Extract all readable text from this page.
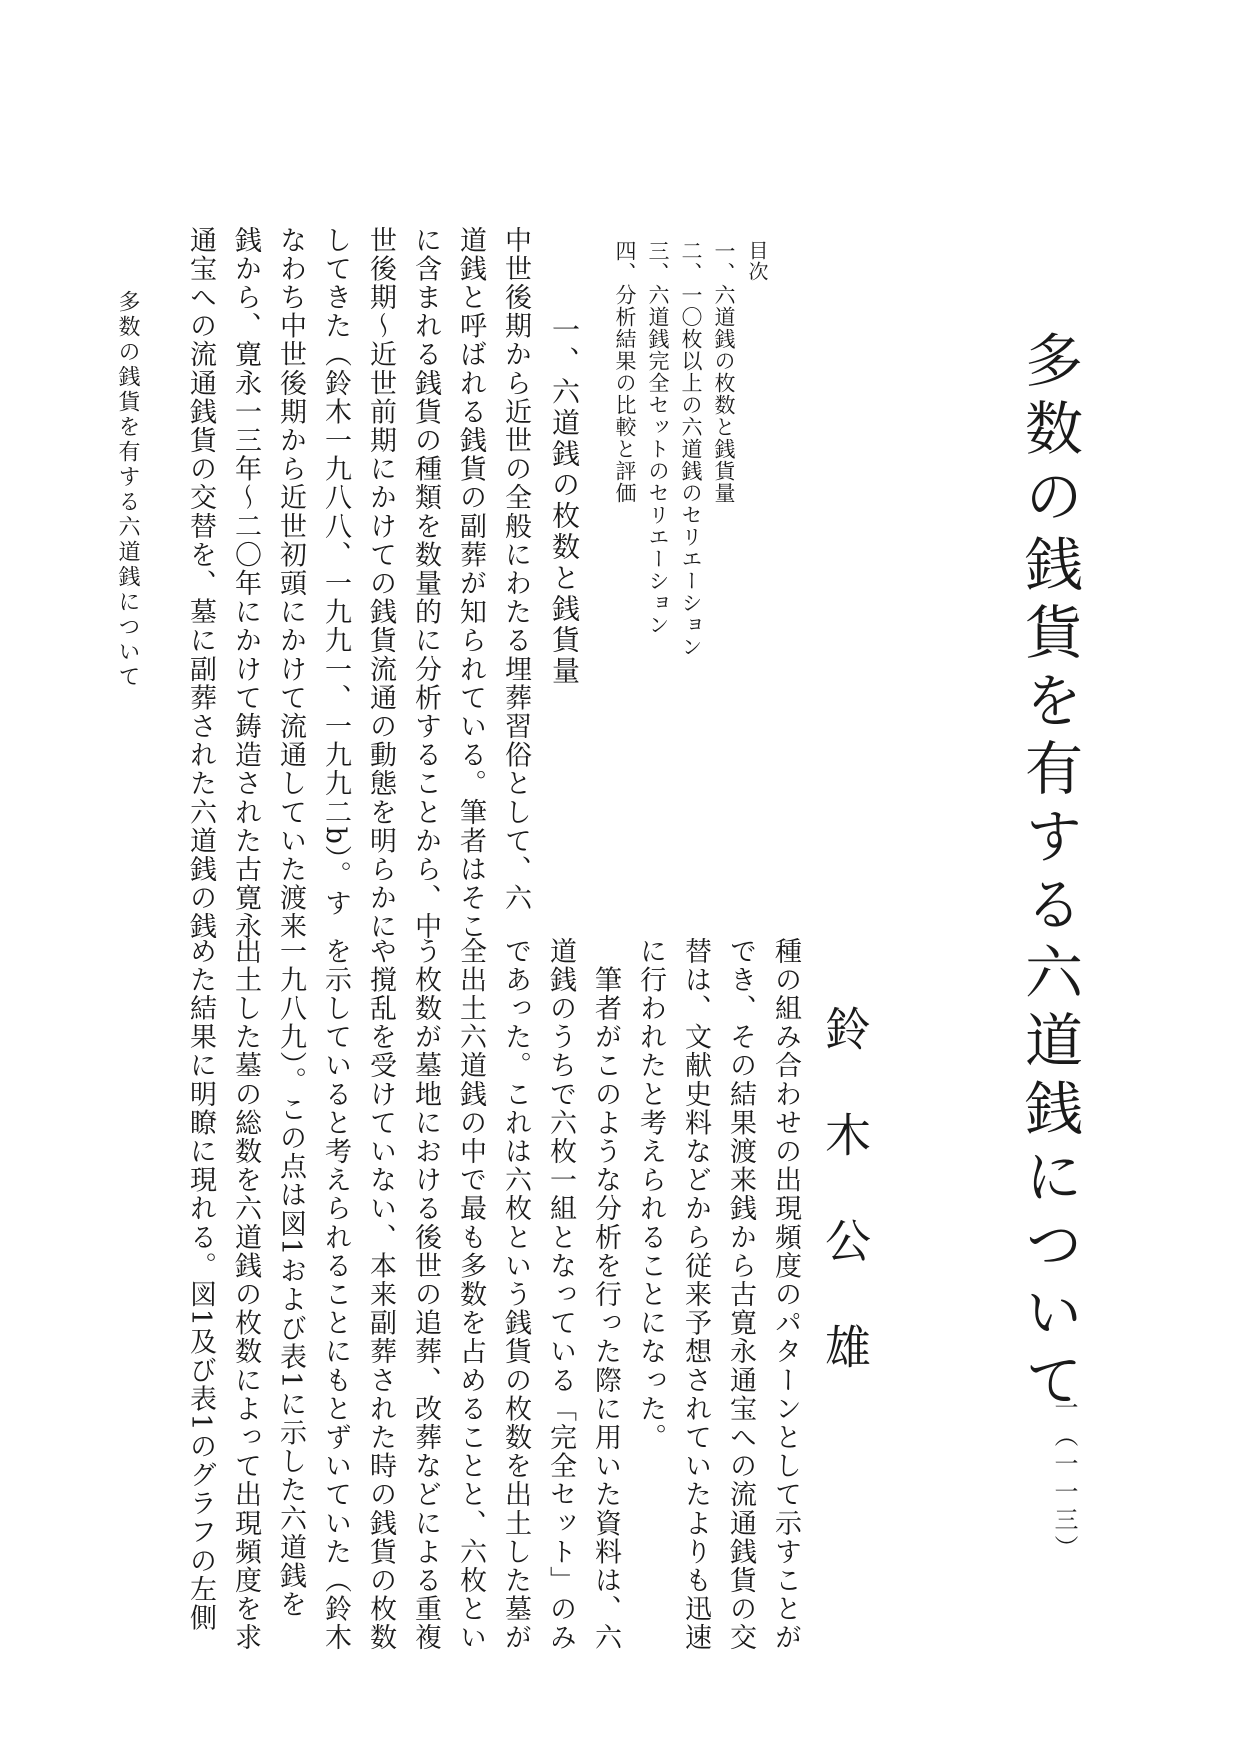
多数の銭貨を有する六道銭について
鈴木公雄
目次
一、六道銭の枚数と銭貨量
二、一〇枚以上の六道銭のセリエーション
三、六道銭完全セットのセリエーション
四、分析結果の比較と評価
一、六道銭の枚数と銭貨量
中世後期から近世の全般にわたる埋葬習俗として、六
道銭と呼ばれる銭貨の副葬が知られている。筆者はそこ
に含まれる銭貨の種類を数量的に分析することから、中
世後期～近世前期にかけての銭貨流通の動態を明らかに
してきた（鈴木一九八八、一九九一、一九九二b）。す
なわち中世後期から近世初頭にかけて流通していた渡来
銭から、寛永一三年～二〇年にかけて鋳造された古寛永
通宝への流通銭貨の交替を、墓に副葬された六道銭の銭
種の組み合わせの出現頻度のパターンとして示すことが
でき、その結果渡来銭から古寛永通宝への流通銭貨の交
替は、文献史料などから従来予想されていたよりも迅速
に行われたと考えられることになった。
　筆者がこのような分析を行った際に用いた資料は、六
道銭のうちで六枚一組となっている「完全セット」のみ
であった。これは六枚という銭貨の枚数を出土した墓が
全出土六道銭の中で最も多数を占めることと、六枚とい
う枚数が墓地における後世の追葬、改葬などによる重複
や撹乱を受けていない、本来副葬された時の銭貨の枚数
を示していると考えられることにもとずいていた（鈴木
一九八九）。この点は図1および表1に示した六道銭を
出土した墓の総数を六道銭の枚数によって出現頻度を求
めた結果に明瞭に現れる。図1及び表1のグラフの左側
多数の銭貨を有する六道銭について
一（一一三）
